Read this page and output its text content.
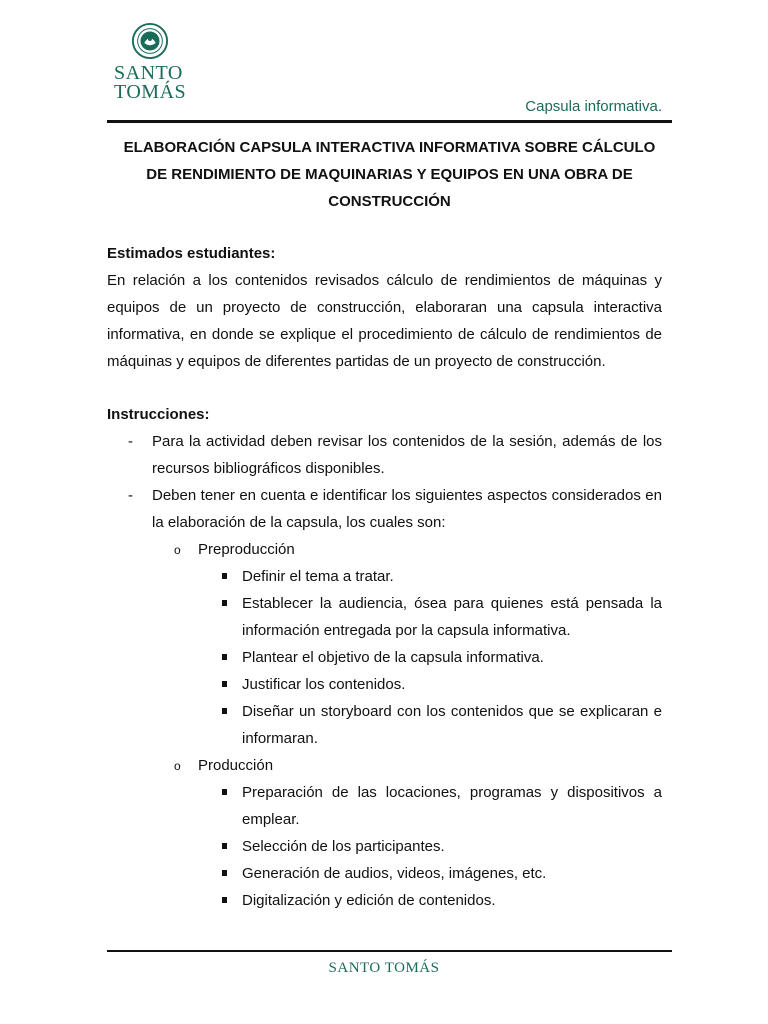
SANTO
TOMÁS
Capsula informativa.
ELABORACIÓN CAPSULA INTERACTIVA INFORMATIVA SOBRE CÁLCULO
DE RENDIMIENTO DE MAQUINARIAS Y EQUIPOS EN UNA OBRA DE
CONSTRUCCIÓN
Estimados estudiantes:
En relación a los contenidos revisados cálculo de rendimientos de máquinas y equipos de un proyecto de construcción, elaboraran una capsula interactiva informativa, en donde se explique el procedimiento de cálculo de rendimientos de máquinas y equipos de diferentes partidas de un proyecto de construcción.
Instrucciones:
- Para la actividad deben revisar los contenidos de la sesión, además de los recursos bibliográficos disponibles.
- Deben tener en cuenta e identificar los siguientes aspectos considerados en la elaboración de la capsula, los cuales son:
o Preproducción
Definir el tema a tratar.
Establecer la audiencia, ósea para quienes está pensada la información entregada por la capsula informativa.
Plantear el objetivo de la capsula informativa.
Justificar los contenidos.
Diseñar un storyboard con los contenidos que se explicaran e informaran.
o Producción
Preparación de las locaciones, programas y dispositivos a emplear.
Selección de los participantes.
Generación de audios, videos, imágenes, etc.
Digitalización y edición de contenidos.
SANTO TOMÁS
